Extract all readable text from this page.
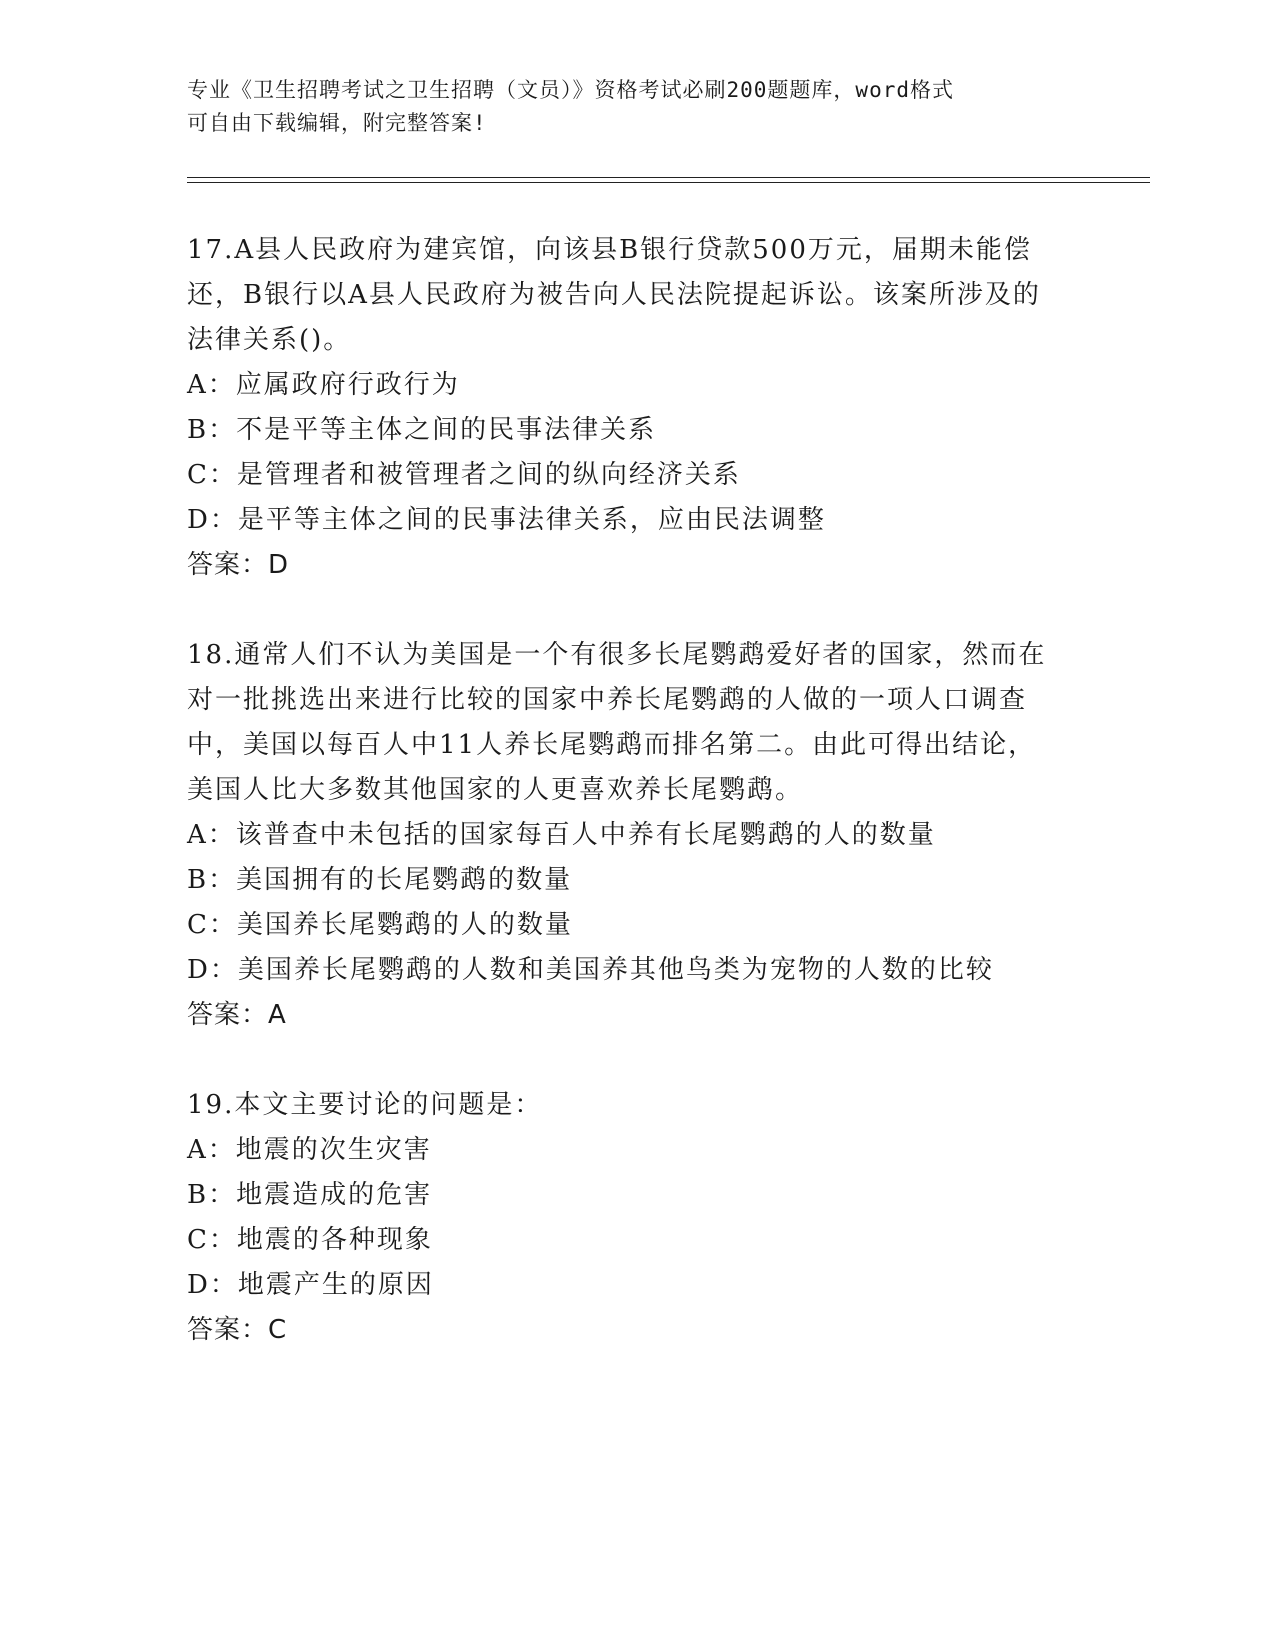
专业《卫生招聘考试之卫生招聘（文员）》资格考试必刷200题题库，word格式
可自由下载编辑，附完整答案!
17.A县人民政府为建宾馆，向该县B银行贷款500万元，届期未能偿
还，B银行以A县人民政府为被告向人民法院提起诉讼。该案所涉及的
法律关系()。
A：应属政府行政行为
B：不是平等主体之间的民事法律关系
C：是管理者和被管理者之间的纵向经济关系
D：是平等主体之间的民事法律关系，应由民法调整
答案：D
18.通常人们不认为美国是一个有很多长尾鹦鹉爱好者的国家，然而在
对一批挑选出来进行比较的国家中养长尾鹦鹉的人做的一项人口调查
中，美国以每百人中11人养长尾鹦鹉而排名第二。由此可得出结论，
美国人比大多数其他国家的人更喜欢养长尾鹦鹉。
A：该普查中未包括的国家每百人中养有长尾鹦鹉的人的数量
B：美国拥有的长尾鹦鹉的数量
C：美国养长尾鹦鹉的人的数量
D：美国养长尾鹦鹉的人数和美国养其他鸟类为宠物的人数的比较
答案：A
19.本文主要讨论的问题是：
A：地震的次生灾害
B：地震造成的危害
C：地震的各种现象
D：地震产生的原因
答案：C
